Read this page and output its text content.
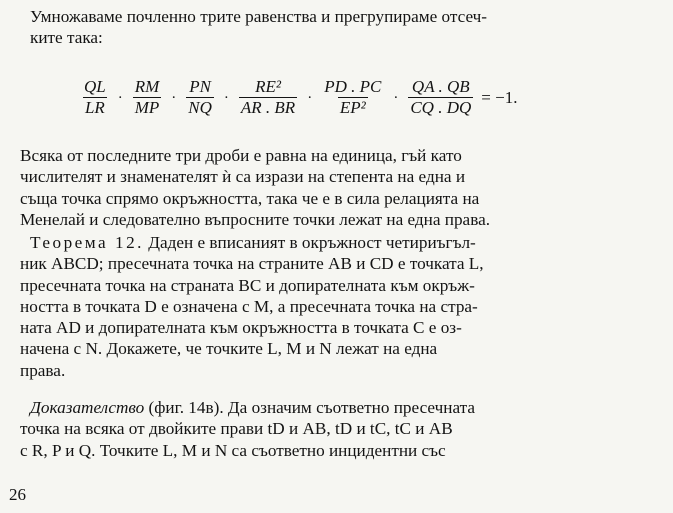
Умножаваме почленно трите равенства и прегрупираме отсеч-
ките така:

$\frac{QL}{LR} \cdot \frac{RM}{MP} \cdot \frac{PN}{NQ} \cdot \frac{\text{RE²}}{AR . BR} \cdot \frac{PD . PC}{\text{EP²}} \cdot \frac{QA . QB}{CQ . DQ} = -1$.

Всяка от последните три дроби е равна на единица, гъй като
числителят и знаменателят ѝ са изрази на степента на една и
съща точка спрямо окръжността, така че е в сила релацията на
Менелай и следователно въпросните точки лежат на една права.

Теорема 12. Даден е вписаният в окръжност четириъгъл-
ник ABCD; пресечната точка на страните AB и CD е точката L,
пресечната точка на страната BC и допирателната към окръж-
ността в точката D е означена с M, а пресечната точка на стра-
ната AD и допирателната към окръжността в точката C е оз-
начена с N. Докажете, че точките L, M и N лежат на една
права.

Доказателство (фиг. 14в). Да означим съответно пресечната
точка на всяка от двойките прави tD и AB, tD и tC, tC и AB
с R, P и Q. Точките L, M и N са съответно инцидентни със

26
